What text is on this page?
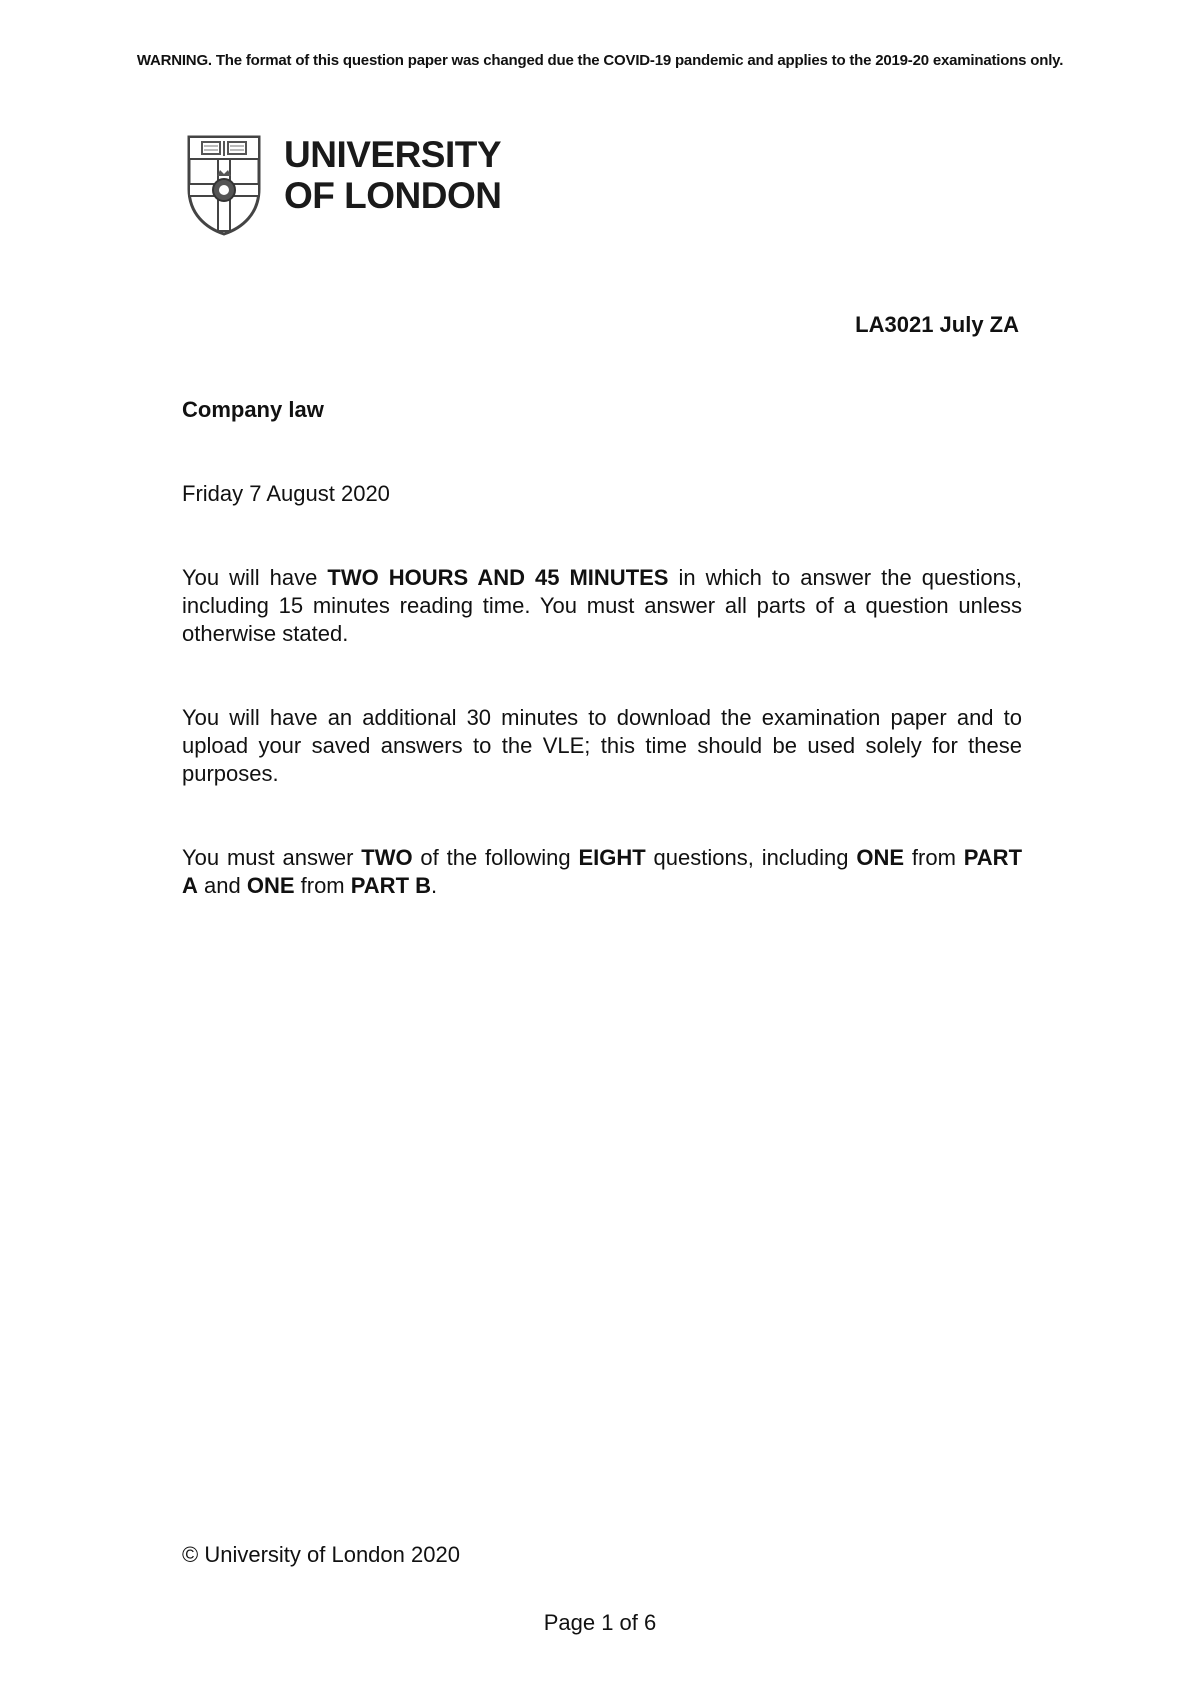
WARNING. The format of this question paper was changed due the COVID-19 pandemic and applies to the 2019-20 examinations only.
UNIVERSITY
OF LONDON
LA3021 July ZA
Company law
Friday 7 August 2020
You will have TWO HOURS AND 45 MINUTES in which to answer the questions, including 15 minutes reading time. You must answer all parts of a question unless otherwise stated.
You will have an additional 30 minutes to download the examination paper and to upload your saved answers to the VLE; this time should be used solely for these purposes.
You must answer TWO of the following EIGHT questions, including ONE from PART A and ONE from PART B.
© University of London 2020
Page 1 of 6
